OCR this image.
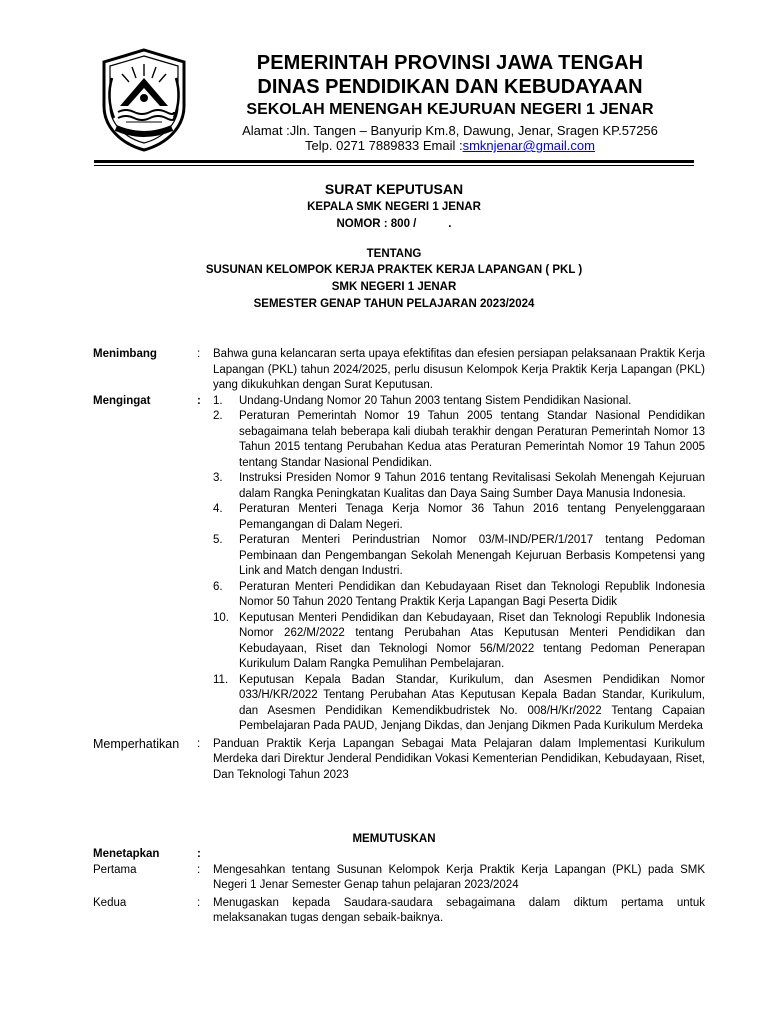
PEMERINTAH PROVINSI JAWA TENGAH
DINAS PENDIDIKAN DAN KEBUDAYAAN
SEKOLAH MENENGAH KEJURUAN NEGERI 1 JENAR
Alamat :Jln. Tangen – Banyurip Km.8, Dawung, Jenar, Sragen KP.57256
Telp. 0271 7889833 Email :smknjenar@gmail.com
SURAT KEPUTUSAN
KEPALA SMK NEGERI 1 JENAR
NOMOR : 800 /          .
TENTANG
SUSUNAN KELOMPOK KERJA PRAKTEK KERJA LAPANGAN ( PKL )
SMK NEGERI 1 JENAR
SEMESTER GENAP TAHUN PELAJARAN 2023/2024
Menimbang	:	Bahwa guna kelancaran serta upaya efektifitas dan efesien persiapan pelaksanaan Praktik Kerja Lapangan (PKL) tahun 2024/2025, perlu disusun Kelompok Kerja Praktik Kerja Lapangan (PKL) yang dikukuhkan dengan Surat Keputusan.
Mengingat	:	1.	Undang-Undang Nomor 20 Tahun 2003 tentang Sistem Pendidikan Nasional.
2.	Peraturan Pemerintah Nomor 19 Tahun 2005 tentang Standar Nasional Pendidikan sebagaimana telah beberapa kali diubah terakhir dengan Peraturan Pemerintah Nomor 13 Tahun 2015 tentang Perubahan Kedua atas Peraturan Pemerintah Nomor 19 Tahun 2005 tentang Standar Nasional Pendidikan.
3.	Instruksi Presiden Nomor 9 Tahun 2016 tentang Revitalisasi Sekolah Menengah Kejuruan dalam Rangka Peningkatan Kualitas dan Daya Saing Sumber Daya Manusia Indonesia.
4.	Peraturan Menteri Tenaga Kerja Nomor 36 Tahun 2016 tentang Penyelenggaraan Pemangangan di Dalam Negeri.
5.	Peraturan Menteri Perindustrian Nomor 03/M-IND/PER/1/2017 tentang Pedoman Pembinaan dan Pengembangan Sekolah Menengah Kejuruan Berbasis Kompetensi yang Link and Match dengan Industri.
6.	Peraturan Menteri Pendidikan dan Kebudayaan Riset dan Teknologi Republik Indonesia Nomor 50 Tahun 2020 Tentang Praktik Kerja Lapangan Bagi Peserta Didik
10. Keputusan Menteri Pendidikan dan Kebudayaan, Riset dan Teknologi Republik Indonesia Nomor 262/M/2022 tentang Perubahan Atas Keputusan Menteri Pendidikan dan Kebudayaan, Riset dan Teknologi Nomor 56/M/2022 tentang Pedoman Penerapan Kurikulum Dalam Rangka Pemulihan Pembelajaran.
11. Keputusan Kepala Badan Standar, Kurikulum, dan Asesmen Pendidikan Nomor 033/H/KR/2022 Tentang Perubahan Atas Keputusan Kepala Badan Standar, Kurikulum, dan Asesmen Pendidikan Kemendikbudristek No. 008/H/Kr/2022 Tentang Capaian Pembelajaran Pada PAUD, Jenjang Dikdas, dan Jenjang Dikmen Pada Kurikulum Merdeka
Memperhatikan	:	Panduan Praktik Kerja Lapangan Sebagai Mata Pelajaran dalam Implementasi Kurikulum Merdeka dari Direktur Jenderal Pendidikan Vokasi Kementerian Pendidikan, Kebudayaan, Riset, Dan Teknologi Tahun 2023
MEMUTUSKAN
Menetapkan	:
Pertama	:	Mengesahkan tentang Susunan Kelompok Kerja Praktik Kerja Lapangan (PKL) pada SMK Negeri 1 Jenar Semester Genap tahun pelajaran 2023/2024
Kedua	:	Menugaskan kepada Saudara-saudara sebagaimana dalam diktum pertama untuk melaksanakan tugas dengan sebaik-baiknya.
